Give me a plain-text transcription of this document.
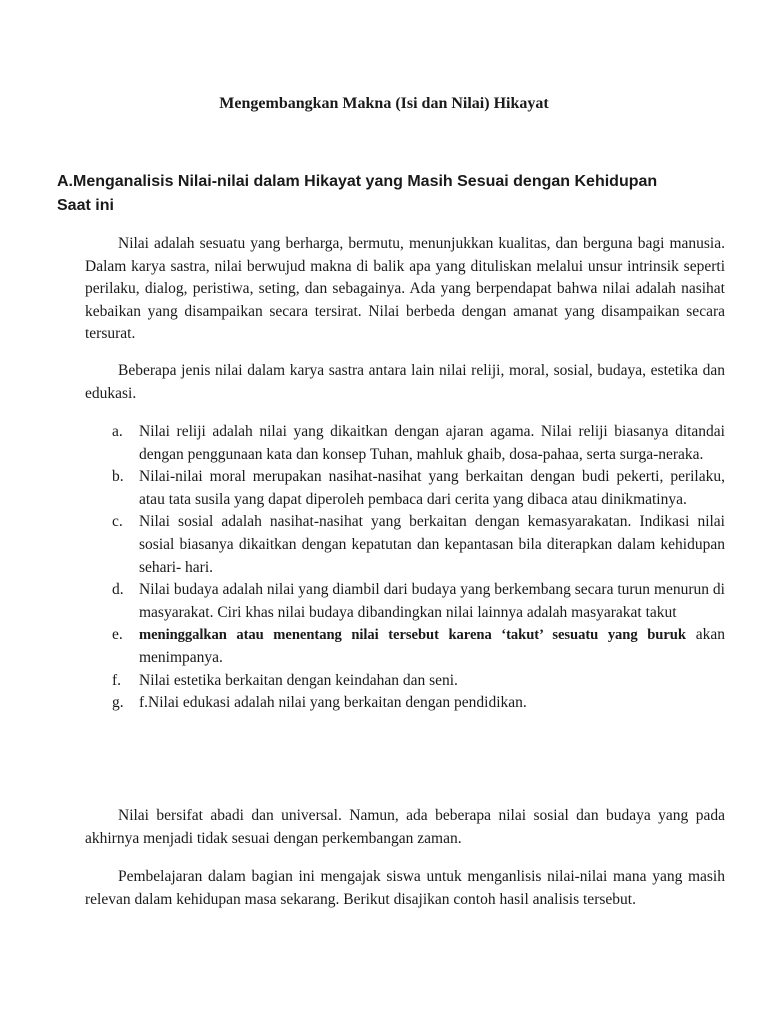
Mengembangkan Makna (Isi dan Nilai) Hikayat
A.Menganalisis Nilai-nilai dalam Hikayat yang Masih Sesuai dengan Kehidupan
Saat ini

Nilai adalah sesuatu yang berharga, bermutu, menunjukkan kualitas, dan berguna bagi manusia. Dalam karya sastra, nilai berwujud makna di balik apa yang dituliskan melalui unsur intrinsik seperti perilaku, dialog, peristiwa, seting, dan sebagainya. Ada yang berpendapat bahwa nilai adalah nasihat kebaikan yang disampaikan secara tersirat. Nilai berbeda dengan amanat yang disampaikan secara tersurat.

Beberapa jenis nilai dalam karya sastra antara lain nilai reliji, moral, sosial, budaya, estetika dan edukasi.

a. Nilai reliji adalah nilai yang dikaitkan dengan ajaran agama. Nilai reliji biasanya ditandai dengan penggunaan kata dan konsep Tuhan, mahluk ghaib, dosa-pahaa, serta surga-neraka.
b. Nilai-nilai moral merupakan nasihat-nasihat yang berkaitan dengan budi pekerti, perilaku, atau tata susila yang dapat diperoleh pembaca dari cerita yang dibaca atau dinikmatinya.
c. Nilai sosial adalah nasihat-nasihat yang berkaitan dengan kemasyarakatan. Indikasi nilai sosial biasanya dikaitkan dengan kepatutan dan kepantasan bila diterapkan dalam kehidupan sehari- hari.
d. Nilai budaya adalah nilai yang diambil dari budaya yang berkembang secara turun menurun di masyarakat. Ciri khas nilai budaya dibandingkan nilai lainnya adalah masyarakat takut
e. meninggalkan atau menentang nilai tersebut karena ‘takut’ sesuatu yang buruk akan menimpanya.
f. Nilai estetika berkaitan dengan keindahan dan seni.
g. f.Nilai edukasi adalah nilai yang berkaitan dengan pendidikan.

Nilai bersifat abadi dan universal. Namun, ada beberapa nilai sosial dan budaya yang pada akhirnya menjadi tidak sesuai dengan perkembangan zaman.

Pembelajaran dalam bagian ini mengajak siswa untuk menganlisis nilai-nilai mana yang masih relevan dalam kehidupan masa sekarang. Berikut disajikan contoh hasil analisis tersebut.
